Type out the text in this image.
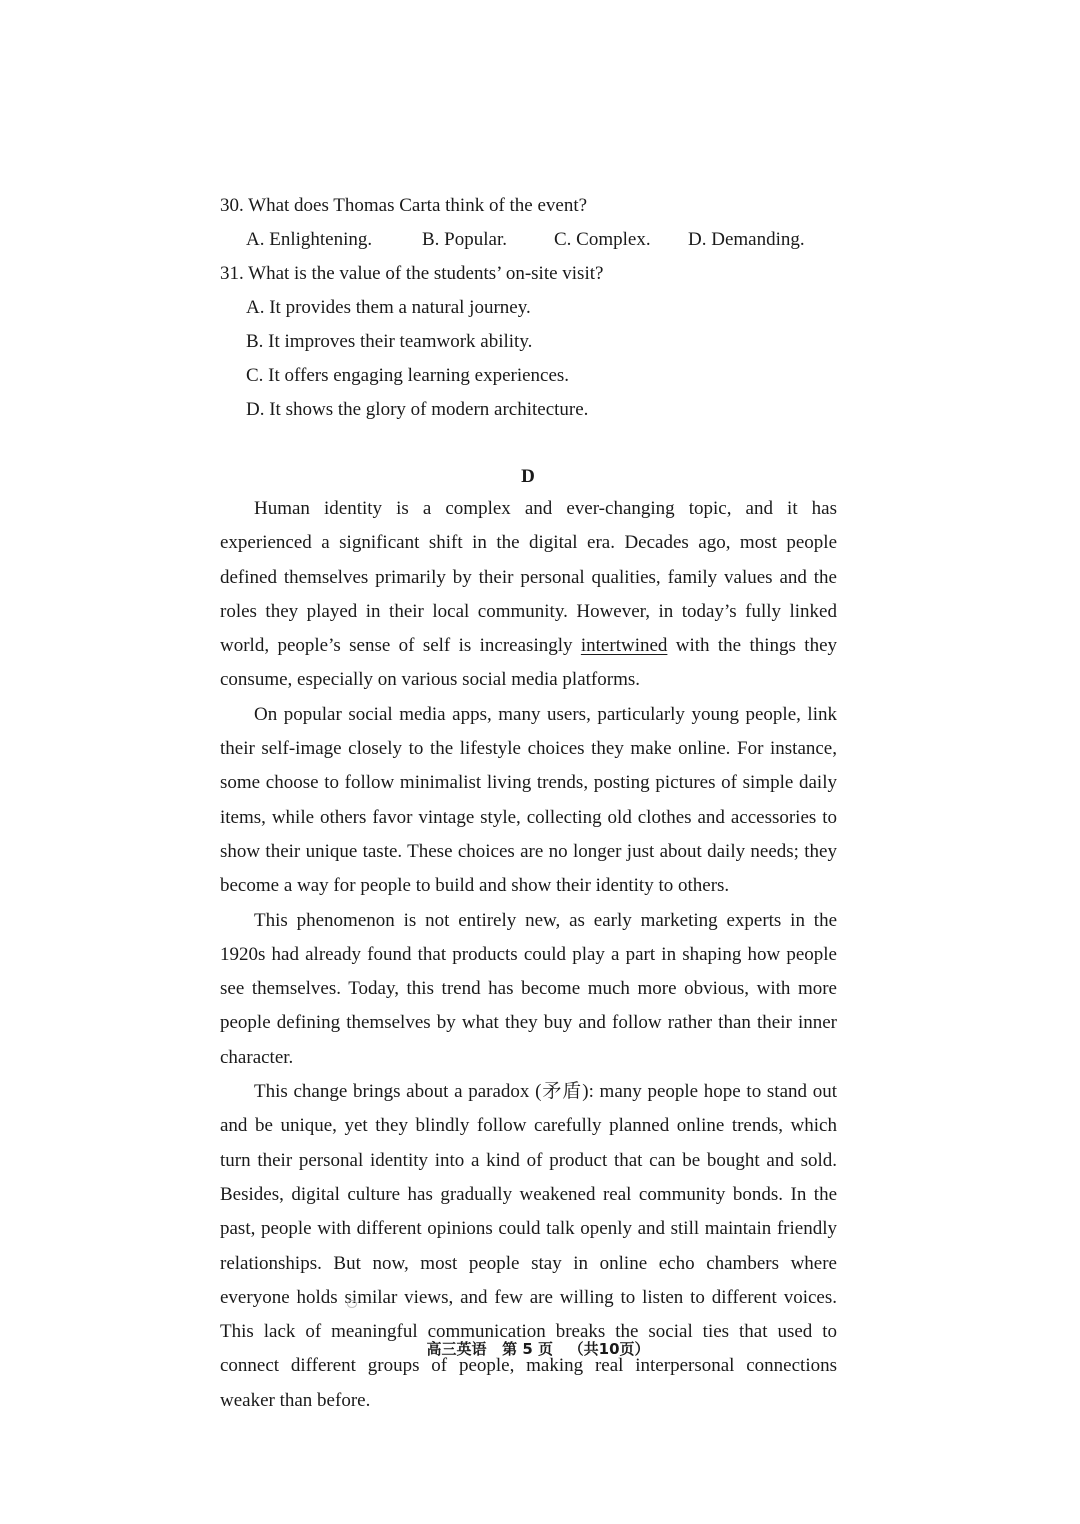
30. What does Thomas Carta think of the event?
A. Enlightening.	B. Popular. C. Complex. D. Demanding.
31. What is the value of the students’ on-site visit?
A. It provides them a natural journey.
B. It improves their teamwork ability.
C. It offers engaging learning experiences.
D. It shows the glory of modern architecture.
D

Human identity is a complex and ever-changing topic, and it has experienced a significant shift in the digital era. Decades ago, most people defined themselves primarily by their personal qualities, family values and the roles they played in their local community. However, in today’s fully linked world, people’s sense of self is increasingly intertwined with the things they consume, especially on various social media platforms.

On popular social media apps, many users, particularly young people, link their self-image closely to the lifestyle choices they make online. For instance, some choose to follow minimalist living trends, posting pictures of simple daily items, while others favor vintage style, collecting old clothes and accessories to show their unique taste. These choices are no longer just about daily needs; they become a way for people to build and show their identity to others.

This phenomenon is not entirely new, as early marketing experts in the 1920s had already found that products could play a part in shaping how people see themselves. Today, this trend has become much more obvious, with more people defining themselves by what they buy and follow rather than their inner character.

This change brings about a paradox (矛盾): many people hope to stand out and be unique, yet they blindly follow carefully planned online trends, which turn their personal identity into a kind of product that can be bought and sold. Besides, digital culture has gradually weakened real community bonds. In the past, people with different opinions could talk openly and still maintain friendly relationships. But now, most people stay in online echo chambers where everyone holds similar views, and few are willing to listen to different voices. This lack of meaningful communication breaks the social ties that used to connect different groups of people, making real interpersonal connections weaker than before.

高三英语   第 5 页   （共10页）
